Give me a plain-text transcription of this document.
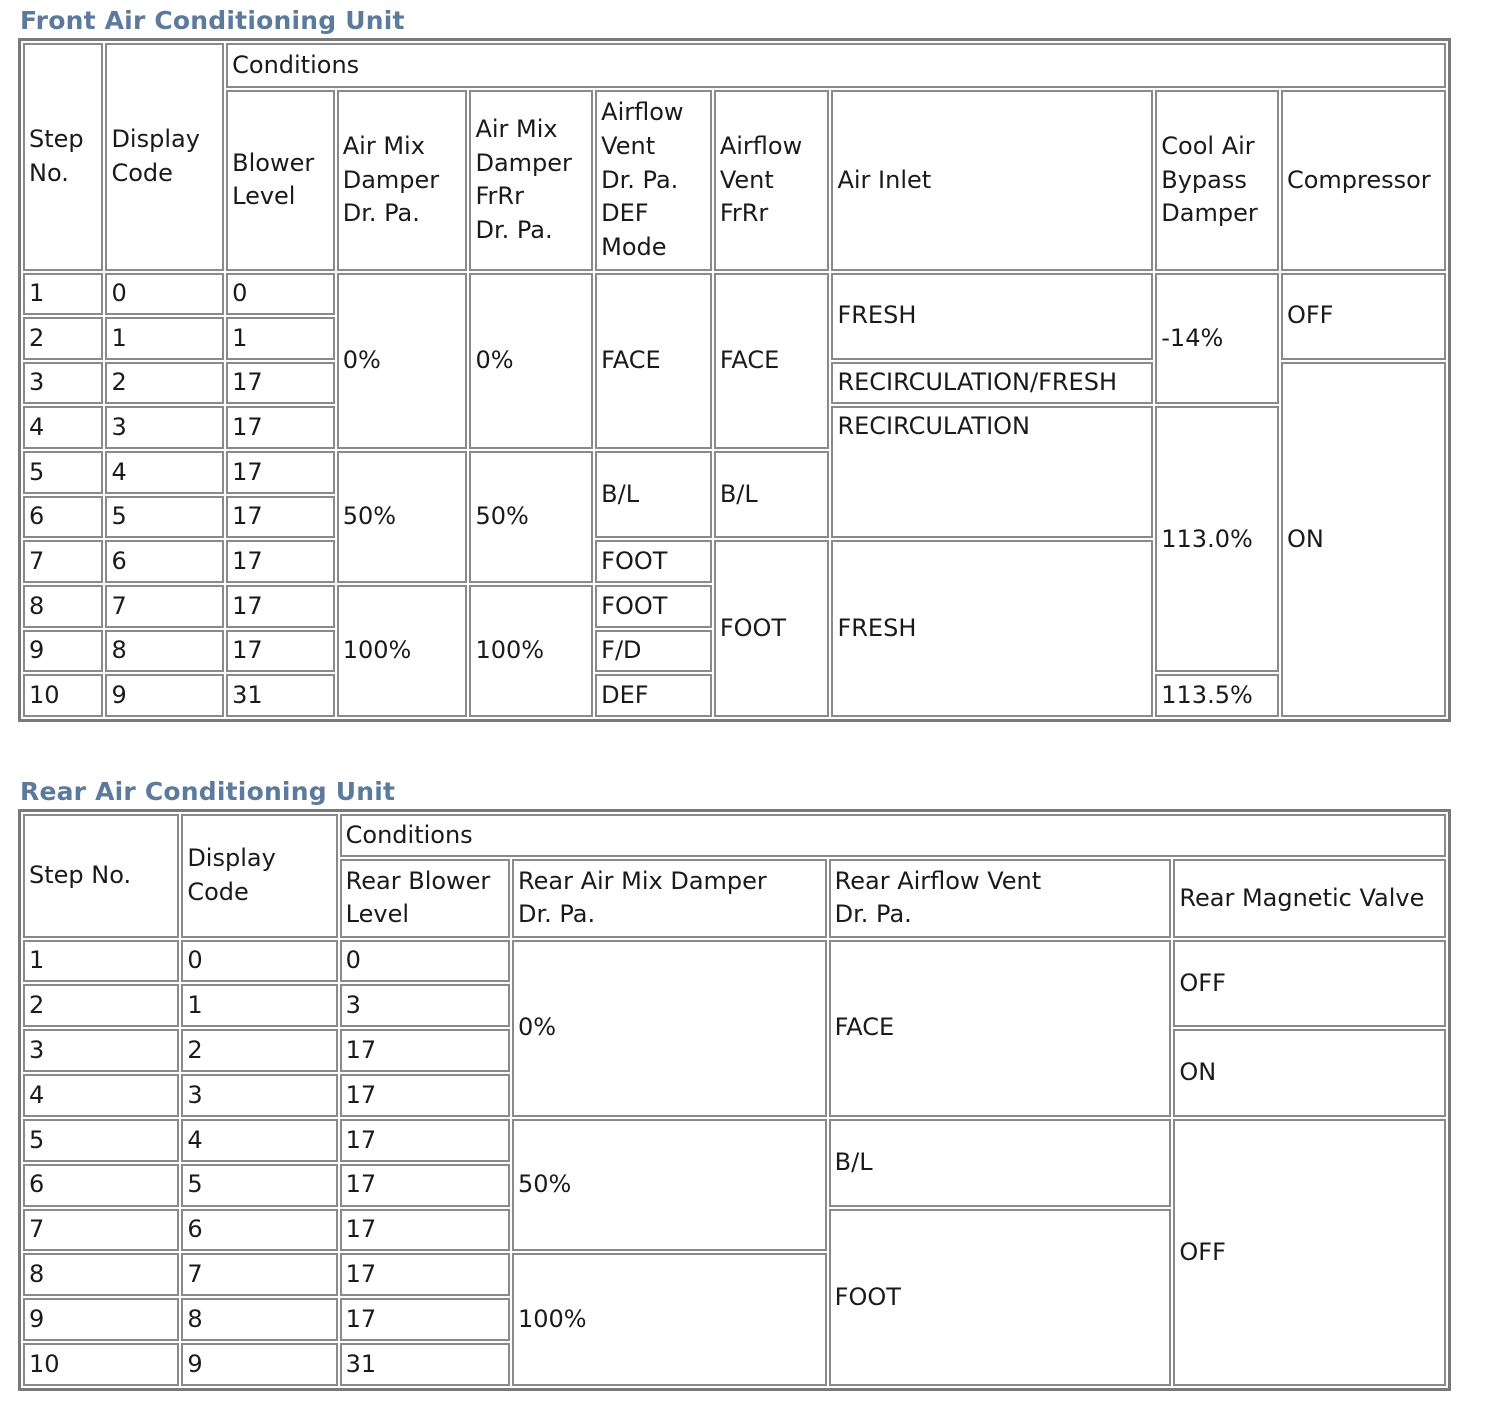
Front Air Conditioning Unit
Step
No.	Display
Code	Conditions							

		Blower
Level	Air Mix
Damper
Dr. Pa.	Air Mix
Damper
FrRr
Dr. Pa.	Airflow
Vent
Dr. Pa.
DEF
Mode	Airflow
Vent
FrRr	Air Inlet	Cool Air
Bypass
Damper	Compressor
1	0	0	0%	0%	FACE	FACE	FRESH	-14%	OFF
2	1	1							
3	2	17					RECIRCULATION/FRESH		ON
4	3	17					RECIRCULATION	113.0%	
5	4	17	50%	50%	B/L	B/L			
6	5	17							
7	6	17			FOOT	FOOT	FRESH		
8	7	17	100%	100%	FOOT				
9	8	17			F/D				
10	9	31			DEF			113.5%	
Rear Air Conditioning Unit
Step No.	Display
Code	Conditions			

		Rear Blower
Level	Rear Air Mix Damper
Dr. Pa.	Rear Airflow Vent
Dr. Pa.	Rear Magnetic Valve
1	0	0	0%	FACE	OFF
2	1	3			
3	2	17			ON
4	3	17			
5	4	17	50%	B/L	OFF
6	5	17			
7	6	17		FOOT	
8	7	17	100%		
9	8	17			
10	9	31			
